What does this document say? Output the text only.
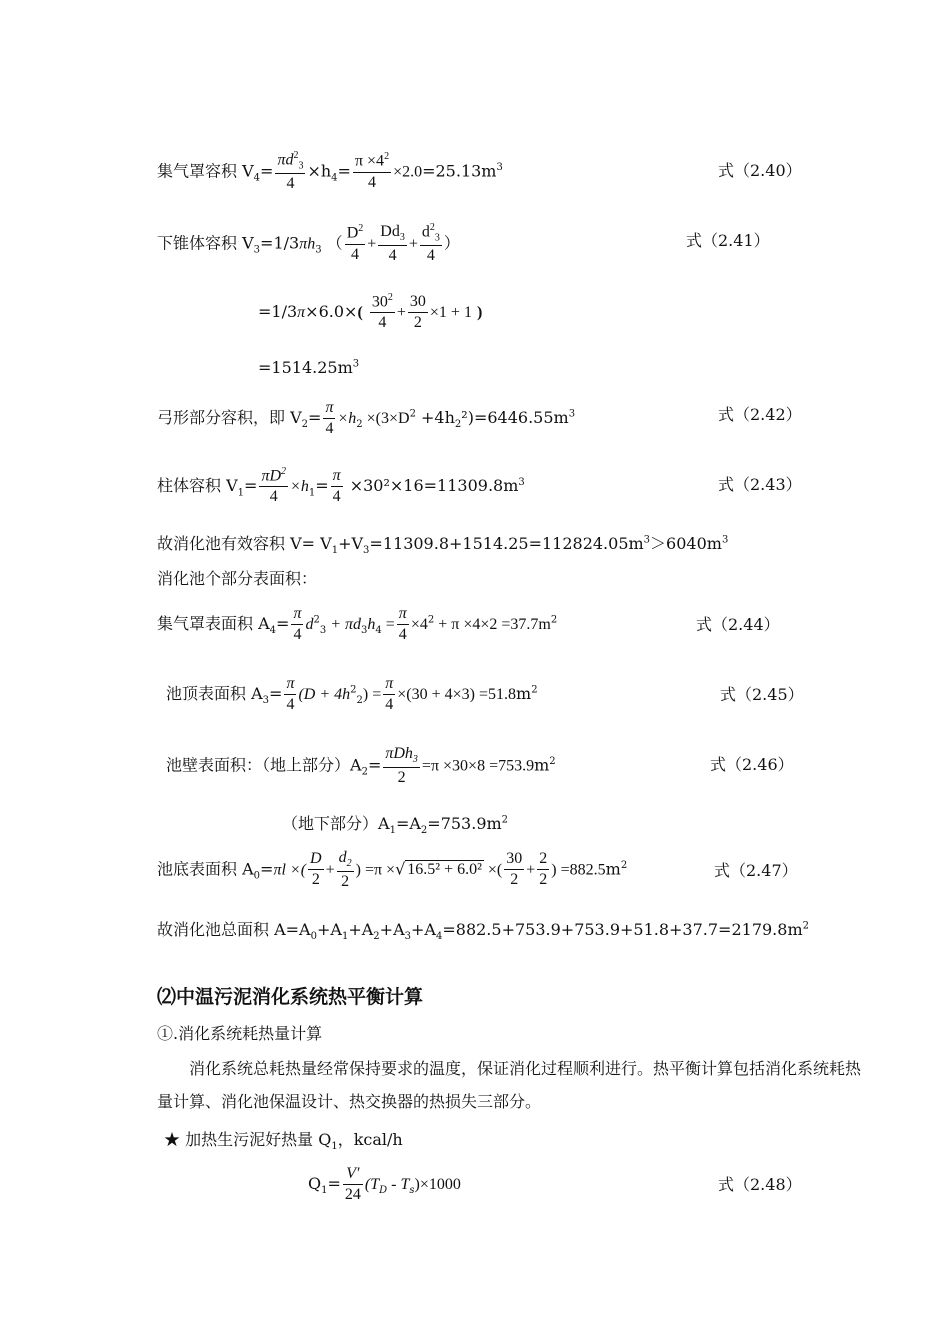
集气罩容积 $V_4= \frac{\pi d^2_3}{4} \times h_4= \frac{\pi \times 4^2}{4} \times 2.0=25.13m^3$	式（2.40）
下锥体容积 $V_3=1/3\pi h_3$ （ $\frac{D^2}{4} + \frac{Dd_3}{4} + \frac{d^2_3}{4}$ ）	式（2.41）
$=1/3\pi\times 6.0\times( \frac{30^2}{4} + \frac{30}{2} \times 1 + 1$ )
$=1514.25m^3$
弓形部分容积，即 $V_2= \frac{\pi}{4} \times h_2 \times(3\times D^2 +4h_2^2)=6446.55m^3$	式（2.42）
柱体容积 $V_1= \frac{\pi D^2}{4} \times h_1= \frac{\pi}{4} \times 30^2\times 16=11309.8m^3$	式（2.43）
故消化池有效容积 $V= V_1+V_3=11309.8+1514.25=112824.05m^3>6040m^3$
消化池个部分表面积：
集气罩表面积 $A_4= \frac{\pi}{4} d^2_3 + \pi d_3h_4 = \frac{\pi}{4} \times 4^2 + \pi \times 4\times 2 =37.7m^2$	式（2.44）
池顶表面积 $A_3= \frac{\pi}{4} (D + 4h^2_2) = \frac{\pi}{4} \times(30 + 4\times 3) =51.8m^2$	式（2.45）
池壁表面积：（地上部分）$A_2= \frac{\pi Dh_3}{2} =\pi \times 30\times 8 =753.9m^2$	式（2.46）
（地下部分）$A_1=A_2=753.9m^2$
池底表面积 $A_0=\pi l$ ×( $\frac{D}{2} + \frac{d_2}{2}$ ) =π ×√ 16.5² + 6.0² ×( $\frac{30}{2} + \frac{2}{2}$ ) $=882.5m^2$	式（2.47）
故消化池总面积 $A=A_0+A_1+A_2+A_3+A_4=882.5+753.9+753.9+51.8+37.7=2179.8m^2$
⑵中温污泥消化系统热平衡计算
①.消化系统耗热量计算
消化系统总耗热量经常保持要求的温度，保证消化过程顺利进行。热平衡计算包括消化系统耗热量计算、消化池保温设计、热交换器的热损失三部分。
★ 加热生污泥好热量 $Q_1$，kcal/h
$Q_1= \frac{V'}{24} (T_D - T_s)\times 1000$	式（2.48）
